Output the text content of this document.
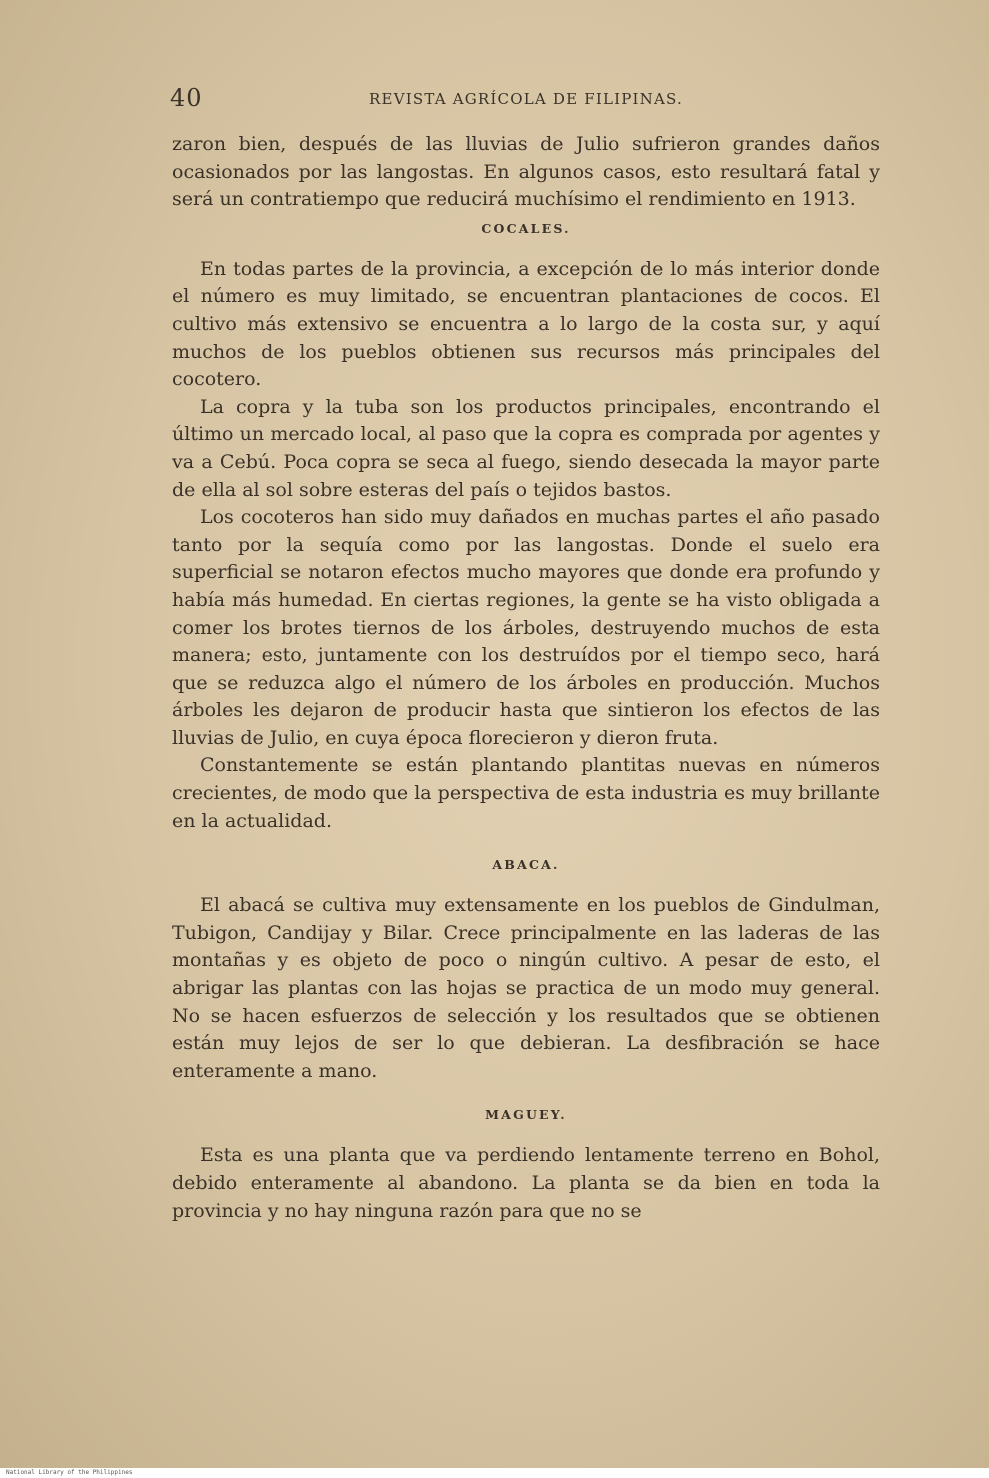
40	REVISTA AGRÍCOLA DE FILIPINAS.

zaron bien, después de las lluvias de Julio sufrieron grandes daños ocasionados por las langostas. En algunos casos, esto resultará fatal y será un contratiempo que reducirá muchísimo el rendimiento en 1913.

COCALES.

En todas partes de la provincia, a excepción de lo más interior donde el número es muy limitado, se encuentran plantaciones de cocos. El cultivo más extensivo se encuentra a lo largo de la costa sur, y aquí muchos de los pueblos obtienen sus recursos más principales del cocotero.

La copra y la tuba son los productos principales, encontrando el último un mercado local, al paso que la copra es comprada por agentes y va a Cebú. Poca copra se seca al fuego, siendo desecada la mayor parte de ella al sol sobre esteras del país o tejidos bastos.

Los cocoteros han sido muy dañados en muchas partes el año pasado tanto por la sequía como por las langostas. Donde el suelo era superficial se notaron efectos mucho mayores que donde era profundo y había más humedad. En ciertas regiones, la gente se ha visto obligada a comer los brotes tiernos de los árboles, destruyendo muchos de esta manera; esto, juntamente con los destruídos por el tiempo seco, hará que se reduzca algo el número de los árboles en producción. Muchos árboles les dejaron de producir hasta que sintieron los efectos de las lluvias de Julio, en cuya época florecieron y dieron fruta.

Constantemente se están plantando plantitas nuevas en números crecientes, de modo que la perspectiva de esta industria es muy brillante en la actualidad.

ABACA.

El abacá se cultiva muy extensamente en los pueblos de Gindulman, Tubigon, Candijay y Bilar. Crece principalmente en las laderas de las montañas y es objeto de poco o ningún cultivo. A pesar de esto, el abrigar las plantas con las hojas se practica de un modo muy general. No se hacen esfuerzos de selección y los resultados que se obtienen están muy lejos de ser lo que debieran. La desfibración se hace enteramente a mano.

MAGUEY.

Esta es una planta que va perdiendo lentamente terreno en Bohol, debido enteramente al abandono. La planta se da bien en toda la provincia y no hay ninguna razón para que no se

National Library of the Philippines
